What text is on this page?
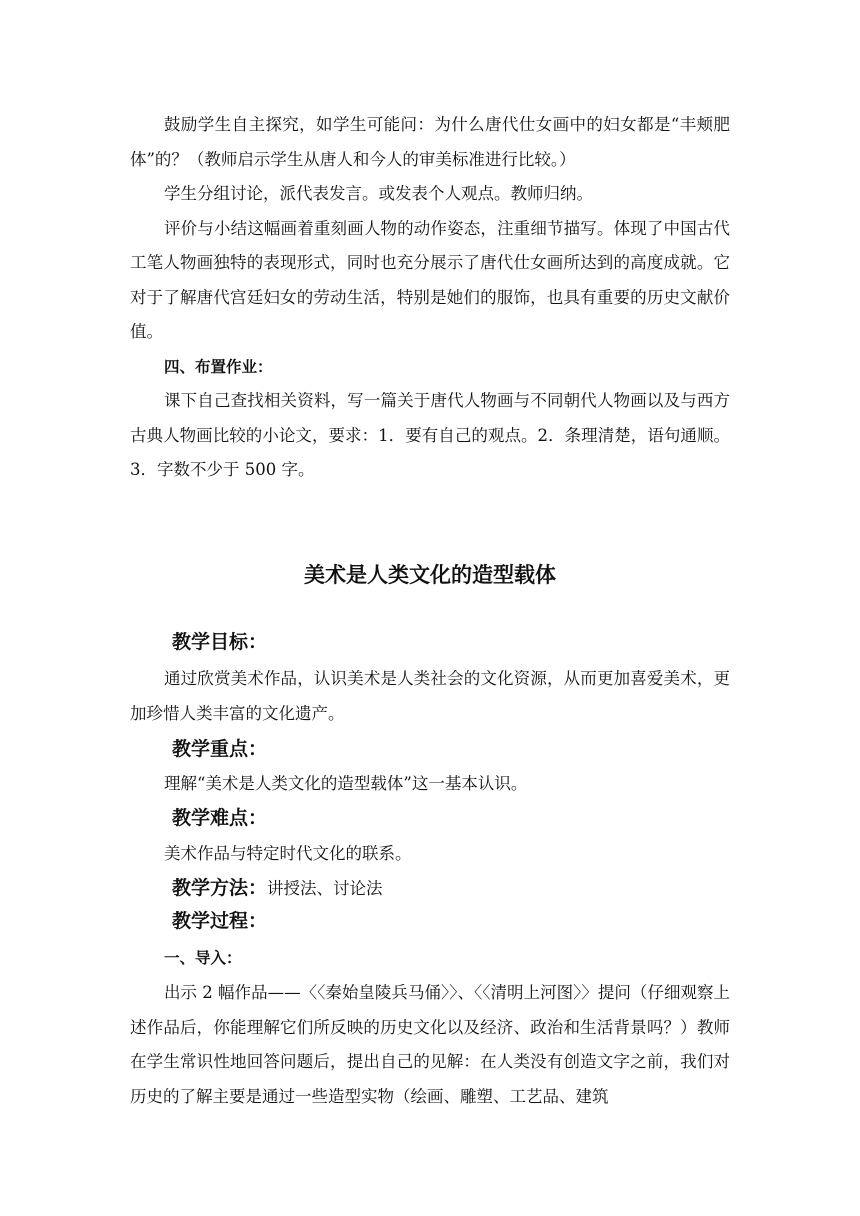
鼓励学生自主探究，如学生可能问：为什么唐代仕女画中的妇女都是“丰颊肥体”的？（教师启示学生从唐人和今人的审美标准进行比较。）

学生分组讨论，派代表发言。或发表个人观点。教师归纳。

评价与小结这幅画着重刻画人物的动作姿态，注重细节描写。体现了中国古代工笔人物画独特的表现形式，同时也充分展示了唐代仕女画所达到的高度成就。它对于了解唐代宫廷妇女的劳动生活，特别是她们的服饰，也具有重要的历史文献价值。

四、布置作业：

课下自己查找相关资料，写一篇关于唐代人物画与不同朝代人物画以及与西方古典人物画比较的小论文，要求：1．要有自己的观点。2．条理清楚，语句通顺。 3．字数不少于 500 字。

美术是人类文化的造型载体
教学目标：

通过欣赏美术作品，认识美术是人类社会的文化资源，从而更加喜爱美术，更加珍惜人类丰富的文化遗产。

教学重点：
理解“美术是人类文化的造型载体”这一基本认识。
教学难点：
美术作品与特定时代文化的联系。
教学方法：讲授法、讨论法
教学过程：
一、导入：

出示 2 幅作品——〈〈秦始皇陵兵马俑〉〉、〈〈清明上河图〉〉提问（仔细观察上述作品后，你能理解它们所反映的历史文化以及经济、政治和生活背景吗？）教师在学生常识性地回答问题后，提出自己的见解：在人类没有创造文字之前，我们对历史的了解主要是通过一些造型实物（绘画、雕塑、工艺品、建筑
